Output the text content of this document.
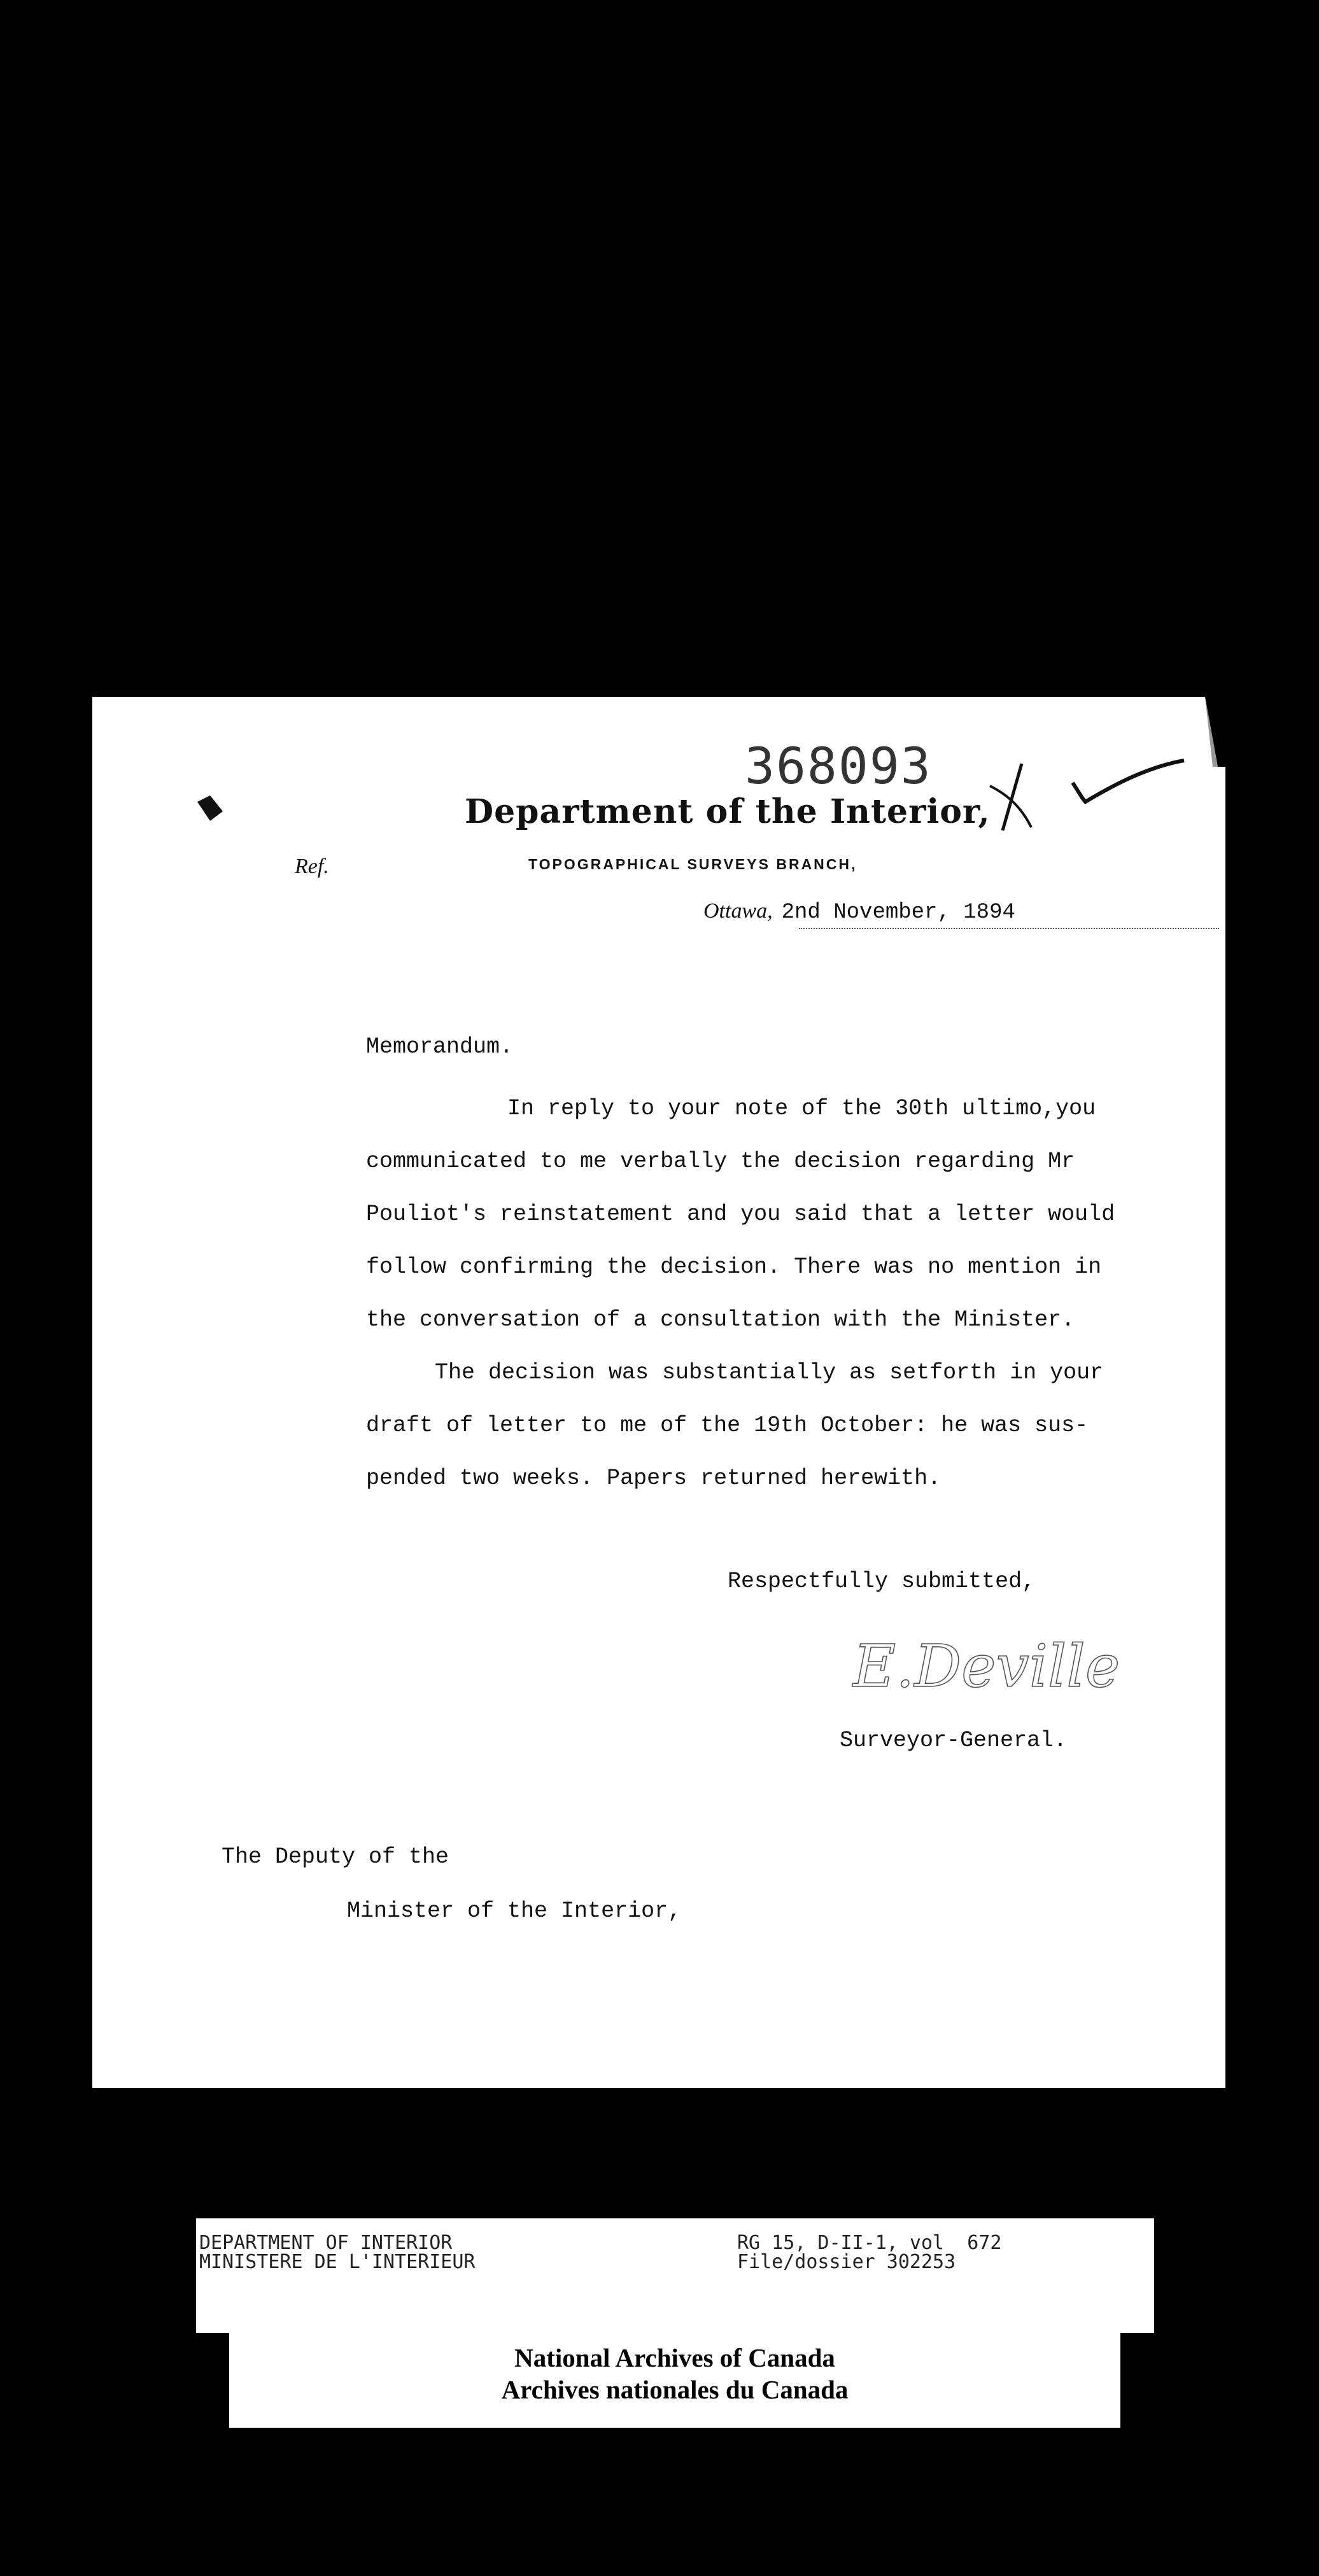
368093
Department of the Interior,
TOPOGRAPHICAL SURVEYS BRANCH,
Ref.
Ottawa, 2nd November, 1894
Memorandum.
In reply to your note of the 30th ultimo,you
communicated to me verbally the decision regarding Mr
Pouliot's reinstatement and you said that a letter would
follow confirming the decision. There was no mention in
the conversation of a consultation with the Minister.
The decision was substantially as setforth in your
draft of letter to me of the 19th October: he was sus-
pended two weeks. Papers returned herewith.
Respectfully submitted,
E.Deville
Surveyor-General.
The Deputy of the
Minister of the Interior,
DEPARTMENT OF INTERIOR
MINISTERE DE L'INTERIEUR
RG 15, D-II-1, vol  672
File/dossier 302253
National Archives of Canada
Archives nationales du Canada
